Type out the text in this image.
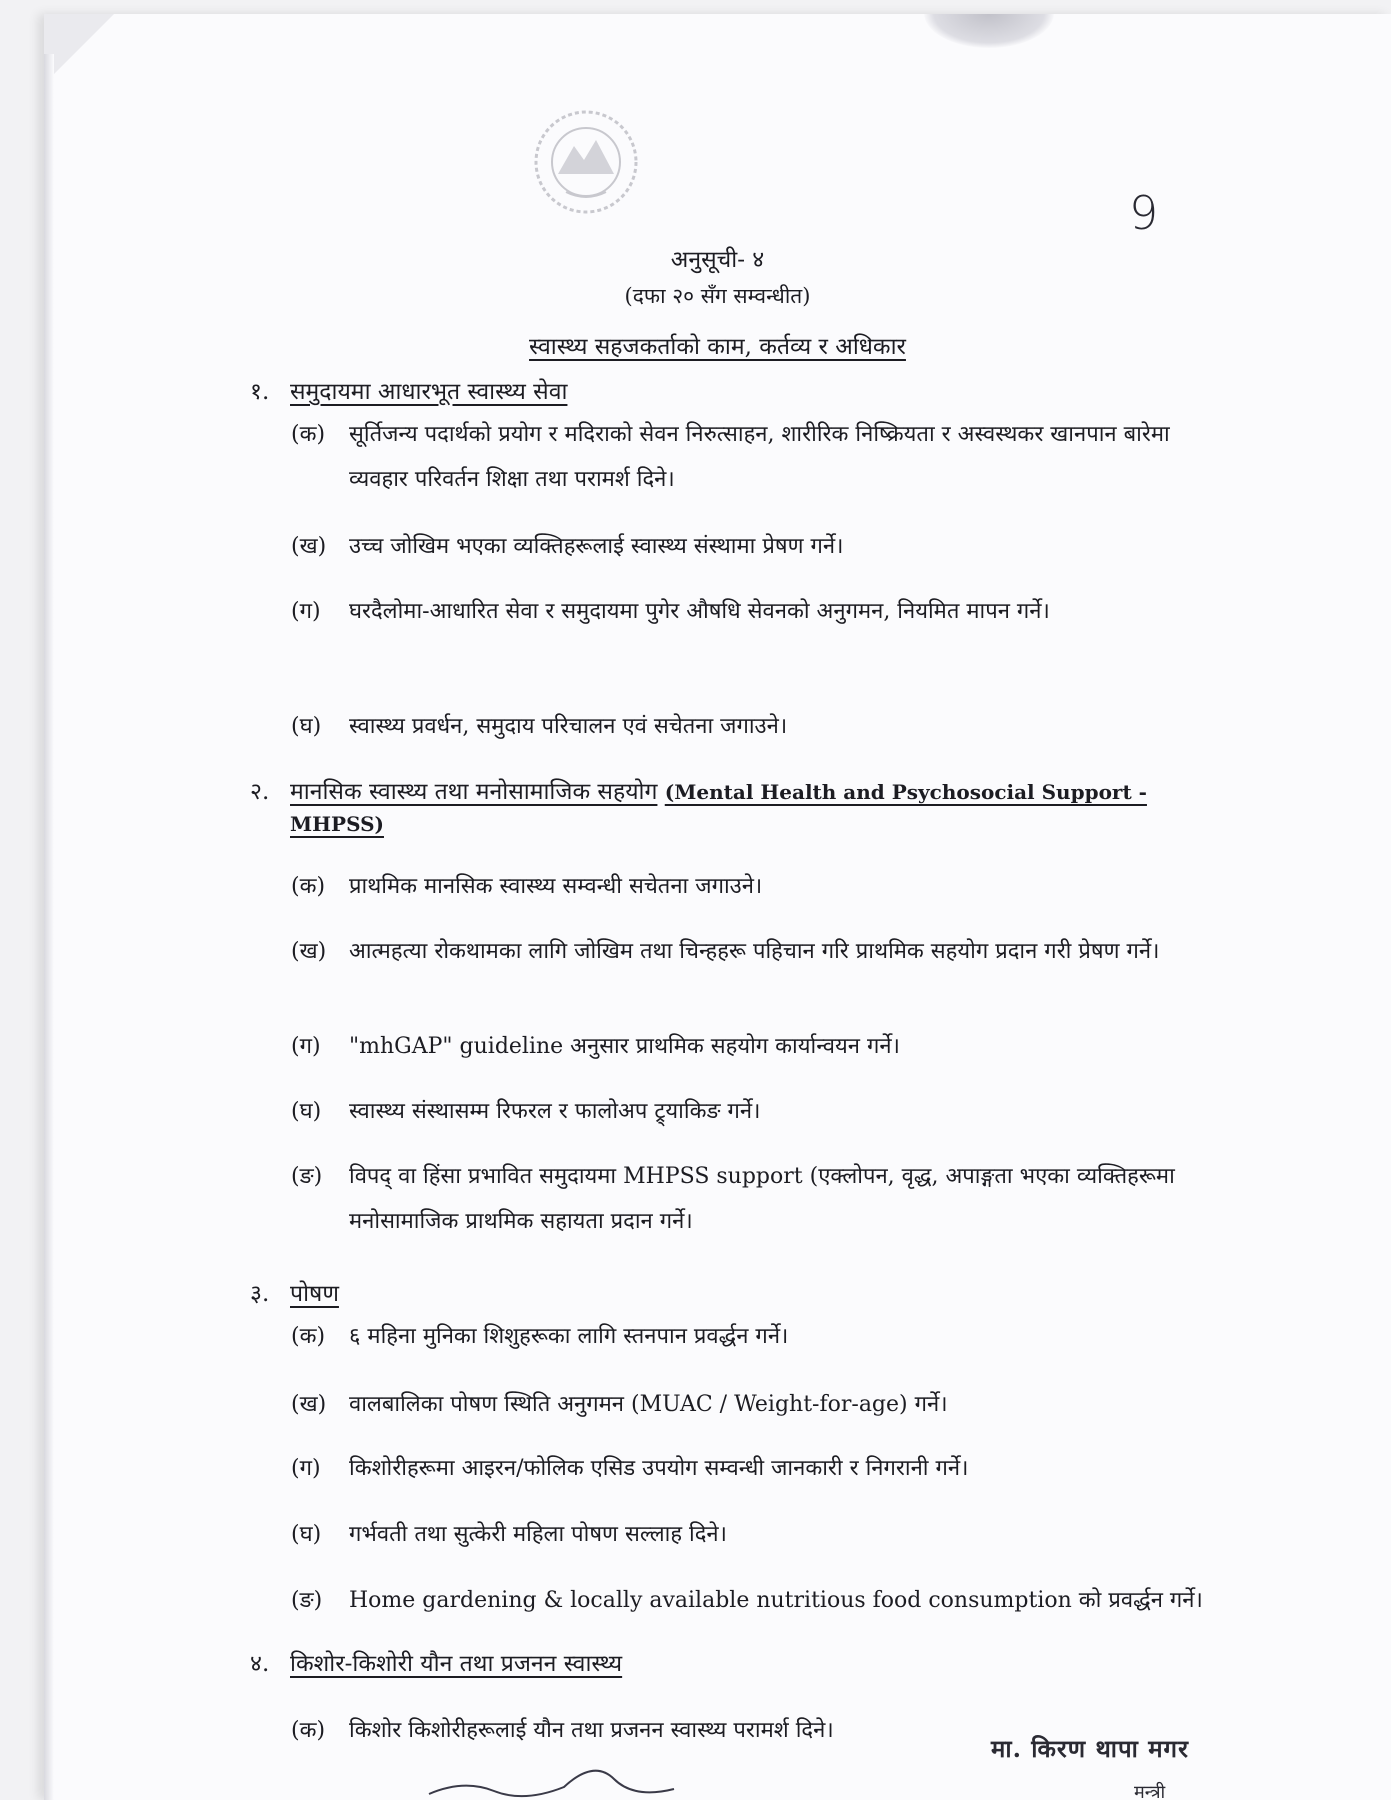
9
अनुसूची- ४
(दफा २० सँग सम्वन्धीत)
स्वास्थ्य सहजकर्ताको काम, कर्तव्य र अधिकार
१. समुदायमा आधारभूत स्वास्थ्य सेवा
(क)	सूर्तिजन्य पदार्थको प्रयोग र मदिराको सेवन निरुत्साहन, शारीरिक निष्क्रियता र अस्वस्थकर खानपान बारेमा व्यवहार परिवर्तन शिक्षा तथा परामर्श दिने।
(ख)	उच्च जोखिम भएका व्यक्तिहरूलाई स्वास्थ्य संस्थामा प्रेषण गर्ने।
(ग)	घरदैलोमा-आधारित सेवा र समुदायमा पुगेर औषधि सेवनको अनुगमन, नियमित मापन गर्ने।
(घ)	स्वास्थ्य प्रवर्धन, समुदाय परिचालन एवं सचेतना जगाउने।
२. मानसिक स्वास्थ्य तथा मनोसामाजिक सहयोग (Mental Health and Psychosocial Support -
MHPSS)
(क)	प्राथमिक मानसिक स्वास्थ्य सम्वन्धी सचेतना जगाउने।
(ख)	आत्महत्या रोकथामका लागि जोखिम तथा चिन्हहरू पहिचान गरि प्राथमिक सहयोग प्रदान गरी प्रेषण गर्ने।
(ग)	"mhGAP" guideline अनुसार प्राथमिक सहयोग कार्यान्वयन गर्ने।
(घ)	स्वास्थ्य संस्थासम्म रिफरल र फालोअप ट्र्याकिङ गर्ने।
(ङ)	विपद् वा हिंसा प्रभावित समुदायमा MHPSS support (एक्लोपन, वृद्ध, अपाङ्गता भएका व्यक्तिहरूमा मनोसामाजिक प्राथमिक सहायता प्रदान गर्ने।
३. पोषण
(क)	६ महिना मुनिका शिशुहरूका लागि स्तनपान प्रवर्द्धन गर्ने।
(ख)	वालबालिका पोषण स्थिति अनुगमन (MUAC / Weight-for-age) गर्ने।
(ग)	किशोरीहरूमा आइरन/फोलिक एसिड उपयोग सम्वन्धी जानकारी र निगरानी गर्ने।
(घ)	गर्भवती तथा सुत्केरी महिला पोषण सल्लाह दिने।
(ङ)	Home gardening & locally available nutritious food consumption को प्रवर्द्धन गर्ने।
४. किशोर-किशोरी यौन तथा प्रजनन स्वास्थ्य
(क)	किशोर किशोरीहरूलाई यौन तथा प्रजनन स्वास्थ्य परामर्श दिने।
मा. किरण थापा मगर
मन्त्री
